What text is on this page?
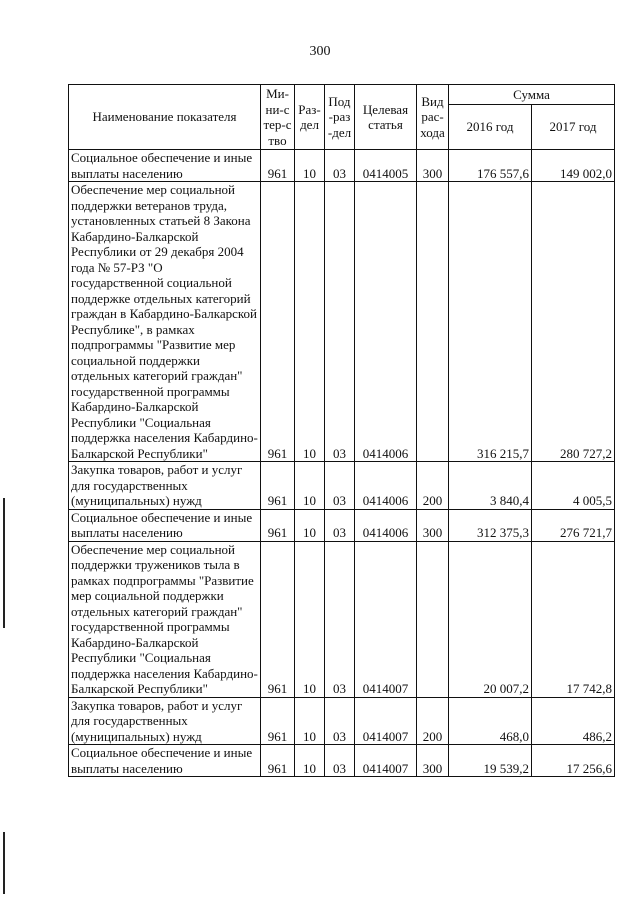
300
Наименование показателя	Ми-ни-стер-ство	Раз-дел	Под-раз-дел	Целевая статья	Вид рас-хода	Сумма	
						2016 год	2017 год
Социальное обеспечение и иные выплаты населению	961	10	03	0414005	300	176 557,6	149 002,0
Обеспечение мер социальной поддержки ветеранов труда, установленных статьей 8 Закона Кабардино-Балкарской Республики от 29 декабря 2004 года № 57-РЗ "О государственной социальной поддержке отдельных категорий граждан в Кабардино-Балкарской Республике", в рамках подпрограммы "Развитие мер социальной поддержки отдельных категорий граждан" государственной программы Кабардино-Балкарской Республики "Социальная поддержка населения Кабардино-Балкарской Республики"	961	10	03	0414006		316 215,7	280 727,2
Закупка товаров, работ и услуг для государственных (муниципальных) нужд	961	10	03	0414006	200	3 840,4	4 005,5
Социальное обеспечение и иные выплаты населению	961	10	03	0414006	300	312 375,3	276 721,7
Обеспечение мер социальной поддержки тружеников тыла в рамках подпрограммы "Развитие мер социальной поддержки отдельных категорий граждан" государственной программы Кабардино-Балкарской Республики "Социальная поддержка населения Кабардино-Балкарской Республики"	961	10	03	0414007		20 007,2	17 742,8
Закупка товаров, работ и услуг для государственных (муниципальных) нужд	961	10	03	0414007	200	468,0	486,2
Социальное обеспечение и иные выплаты населению	961	10	03	0414007	300	19 539,2	17 256,6
